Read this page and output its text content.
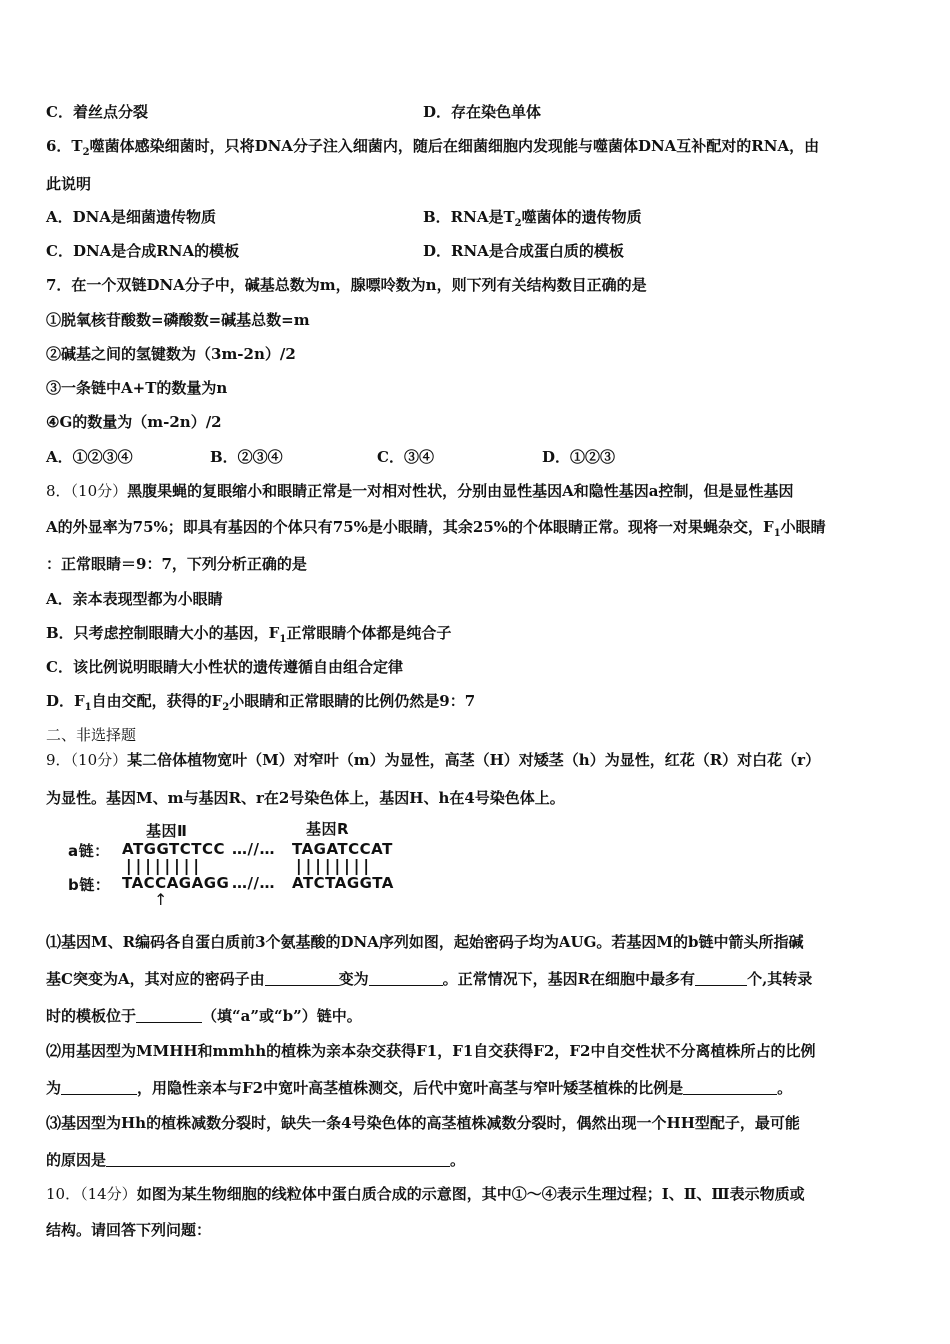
C．着丝点分裂	D．存在染色单体
6．$T_2$噬菌体感染细菌时，只将DNA分子注入细菌内，随后在细菌细胞内发现能与噬菌体DNA互补配对的RNA，由
此说明
A．DNA是细菌遗传物质	B．RNA是$T_2$噬菌体的遗传物质
C．DNA是合成RNA的模板	D．RNA是合成蛋白质的模板
7．在一个双链DNA分子中，碱基总数为m，腺嘌呤数为n，则下列有关结构数目正确的是
①脱氧核苷酸数=磷酸数=碱基总数=m
②碱基之间的氢键数为（3m-2n）/2
③一条链中A+T的数量为n
④G的数量为（m-2n）/2
A．①②③④	B．②③④	C．③④	D．①②③
8．（10分）黑腹果蝇的复眼缩小和眼睛正常是一对相对性状，分别由显性基因A和隐性基因a控制，但是显性基因
A的外显率为75%；即具有基因的个体只有75%是小眼睛，其余25%的个体眼睛正常。现将一对果蝇杂交，$F_1$小眼睛
：正常眼睛＝9：7，下列分析正确的是
A．亲本表现型都为小眼睛
B．只考虑控制眼睛大小的基因，$F_1$正常眼睛个体都是纯合子
C．该比例说明眼睛大小性状的遗传遵循自由组合定律
D．$F_1$自由交配，获得的$F_2$小眼睛和正常眼睛的比例仍然是9：7
二、非选择题
9．（10分）某二倍体植物宽叶（M）对窄叶（m）为显性，高茎（H）对矮茎（h）为显性，红花（R）对白花（r）
为显性。基因M、m与基因R、r在2号染色体上，基因H、h在4号染色体上。
基因Ⅱ	基因R
a链： ATGGTCTCC …//… TAGATCCAT
||||||||	||||||||
b链： TACCAGAGG …//… ATCTAGGTA
↑
⑴基因M、R编码各自蛋白质前3个氨基酸的DNA序列如图，起始密码子均为AUG。若基因M的b链中箭头所指碱
基C突变为A，其对应的密码子由	变为	。正常情况下，基因R在细胞中最多有	个,其转录
时的模板位于	（填“a”或“b”）链中。
⑵用基因型为MMHH和mmhh的植株为亲本杂交获得F1，F1自交获得F2，F2中自交性状不分离植株所占的比例
为	，用隐性亲本与F2中宽叶高茎植株测交，后代中宽叶高茎与窄叶矮茎植株的比例是	。
⑶基因型为Hh的植株减数分裂时，缺失一条4号染色体的高茎植株减数分裂时，偶然出现一个HH型配子，最可能
的原因是	。
10．（14分）如图为某生物细胞的线粒体中蛋白质合成的示意图，其中①～④表示生理过程；Ⅰ、Ⅱ、Ⅲ表示物质或
结构。请回答下列问题：
